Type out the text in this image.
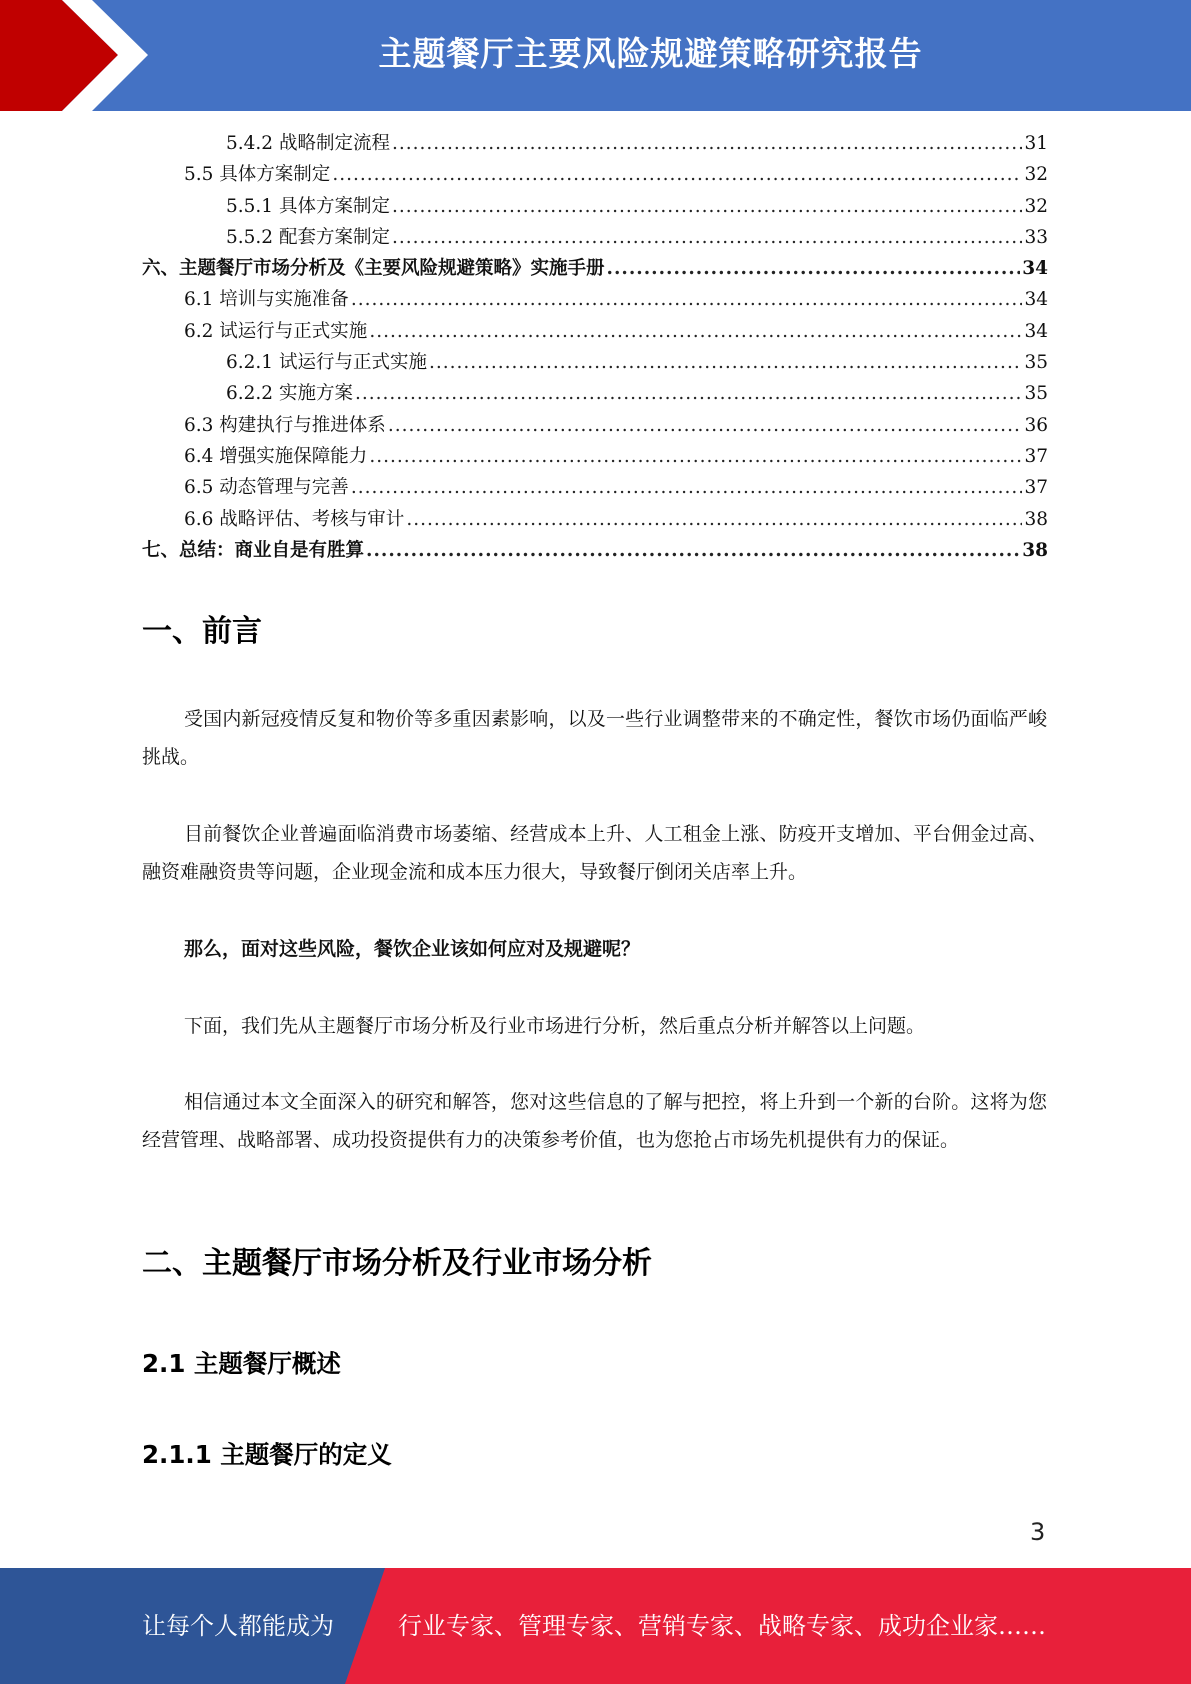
主题餐厅主要风险规避策略研究报告
5.4.2 战略制定流程 .....	31
5.5 具体方案制定 .....	32
5.5.1 具体方案制定 .....	32
5.5.2 配套方案制定 .....	33
六、主题餐厅市场分析及《主要风险规避策略》实施手册 .....	34
6.1 培训与实施准备 .....	34
6.2 试运行与正式实施 .....	34
6.2.1 试运行与正式实施 .....	35
6.2.2 实施方案 .....	35
6.3 构建执行与推进体系 .....	36
6.4 增强实施保障能力 .....	37
6.5 动态管理与完善 .....	37
6.6 战略评估、考核与审计 .....	38
七、总结：商业自是有胜算 .....	38
一、前言
受国内新冠疫情反复和物价等多重因素影响，以及一些行业调整带来的不确定性，餐饮市场仍面临严峻挑战。
目前餐饮企业普遍面临消费市场萎缩、经营成本上升、人工租金上涨、防疫开支增加、平台佣金过高、融资难融资贵等问题，企业现金流和成本压力很大，导致餐厅倒闭关店率上升。
那么，面对这些风险，餐饮企业该如何应对及规避呢？
下面，我们先从主题餐厅市场分析及行业市场进行分析，然后重点分析并解答以上问题。
相信通过本文全面深入的研究和解答，您对这些信息的了解与把控，将上升到一个新的台阶。这将为您经营管理、战略部署、成功投资提供有力的决策参考价值，也为您抢占市场先机提供有力的保证。
二、主题餐厅市场分析及行业市场分析
2.1 主题餐厅概述
2.1.1 主题餐厅的定义
3
让每个人都能成为	行业专家、管理专家、营销专家、战略专家、成功企业家……
